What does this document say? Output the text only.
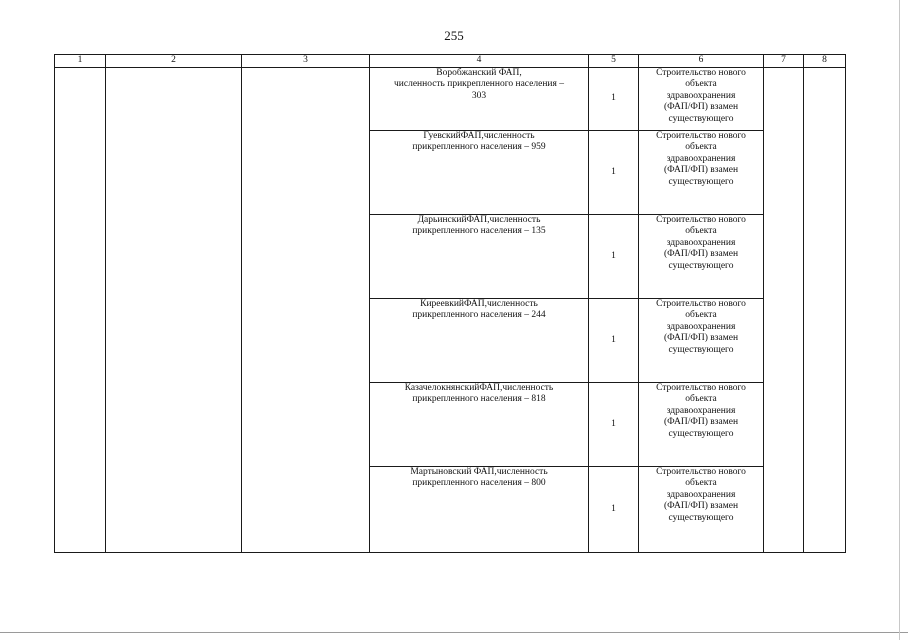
255
1	2	3	4	5	6	7	8
			Воробжанский ФАП,
численность прикрепленного населения –
303	1	Строительство нового
объекта
здравоохранения
(ФАП/ФП) взамен
существующего		
			ГуевскийФАП,численность
прикрепленного населения – 959	1	Строительство нового
объекта
здравоохранения
(ФАП/ФП) взамен
существующего		
			ДарьинскийФАП,численность
прикрепленного населения – 135	1	Строительство нового
объекта
здравоохранения
(ФАП/ФП) взамен
существующего		
			КиреевкийФАП,численность
прикрепленного населения – 244	1	Строительство нового
объекта
здравоохранения
(ФАП/ФП) взамен
существующего		
			КазачелокнянскийФАП,численность
прикрепленного населения – 818	1	Строительство нового
объекта
здравоохранения
(ФАП/ФП) взамен
существующего		
			Мартыновский ФАП,численность
прикрепленного населения – 800	1	Строительство нового
объекта
здравоохранения
(ФАП/ФП) взамен
существующего		
